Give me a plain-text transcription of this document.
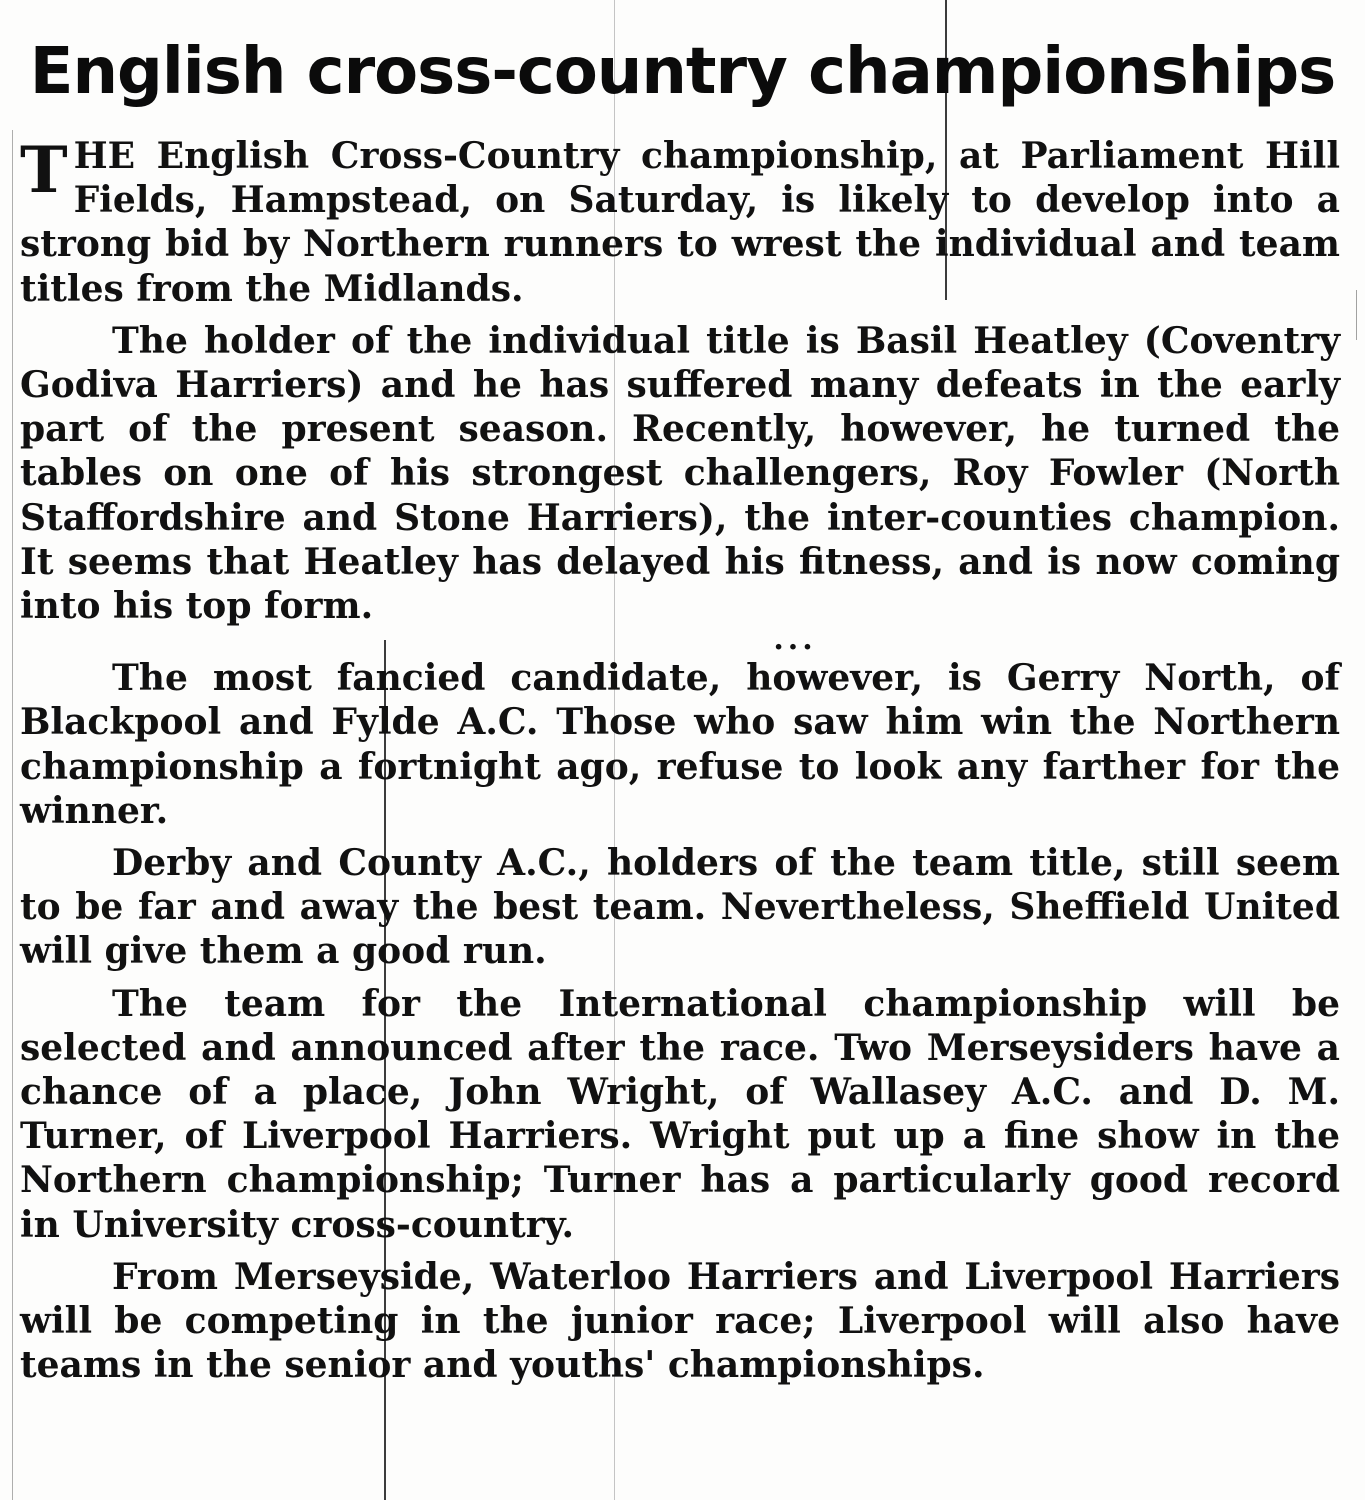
English cross-country championships

THE English Cross-Country championship, at Parliament Hill Fields, Hampstead, on Saturday, is likely to develop into a strong bid by Northern runners to wrest the individual and team titles from the Midlands.

The holder of the individual title is Basil Heatley (Coventry Godiva Harriers) and he has suffered many defeats in the early part of the present season. Recently, however, he turned the tables on one of his strongest challengers, Roy Fowler (North Staffordshire and Stone Harriers), the inter-counties champion. It seems that Heatley has delayed his fitness, and is now coming into his top form.

...

The most fancied candidate, however, is Gerry North, of Blackpool and Fylde A.C. Those who saw him win the Northern championship a fortnight ago, refuse to look any farther for the winner.

Derby and County A.C., holders of the team title, still seem to be far and away the best team. Nevertheless, Sheffield United will give them a good run.

The team for the International championship will be selected and announced after the race. Two Merseysiders have a chance of a place, John Wright, of Wallasey A.C. and D. M. Turner, of Liverpool Harriers. Wright put up a fine show in the Northern championship; Turner has a particularly good record in University cross-country.

From Merseyside, Waterloo Harriers and Liverpool Harriers will be competing in the junior race; Liverpool will also have teams in the senior and youths' championships.
